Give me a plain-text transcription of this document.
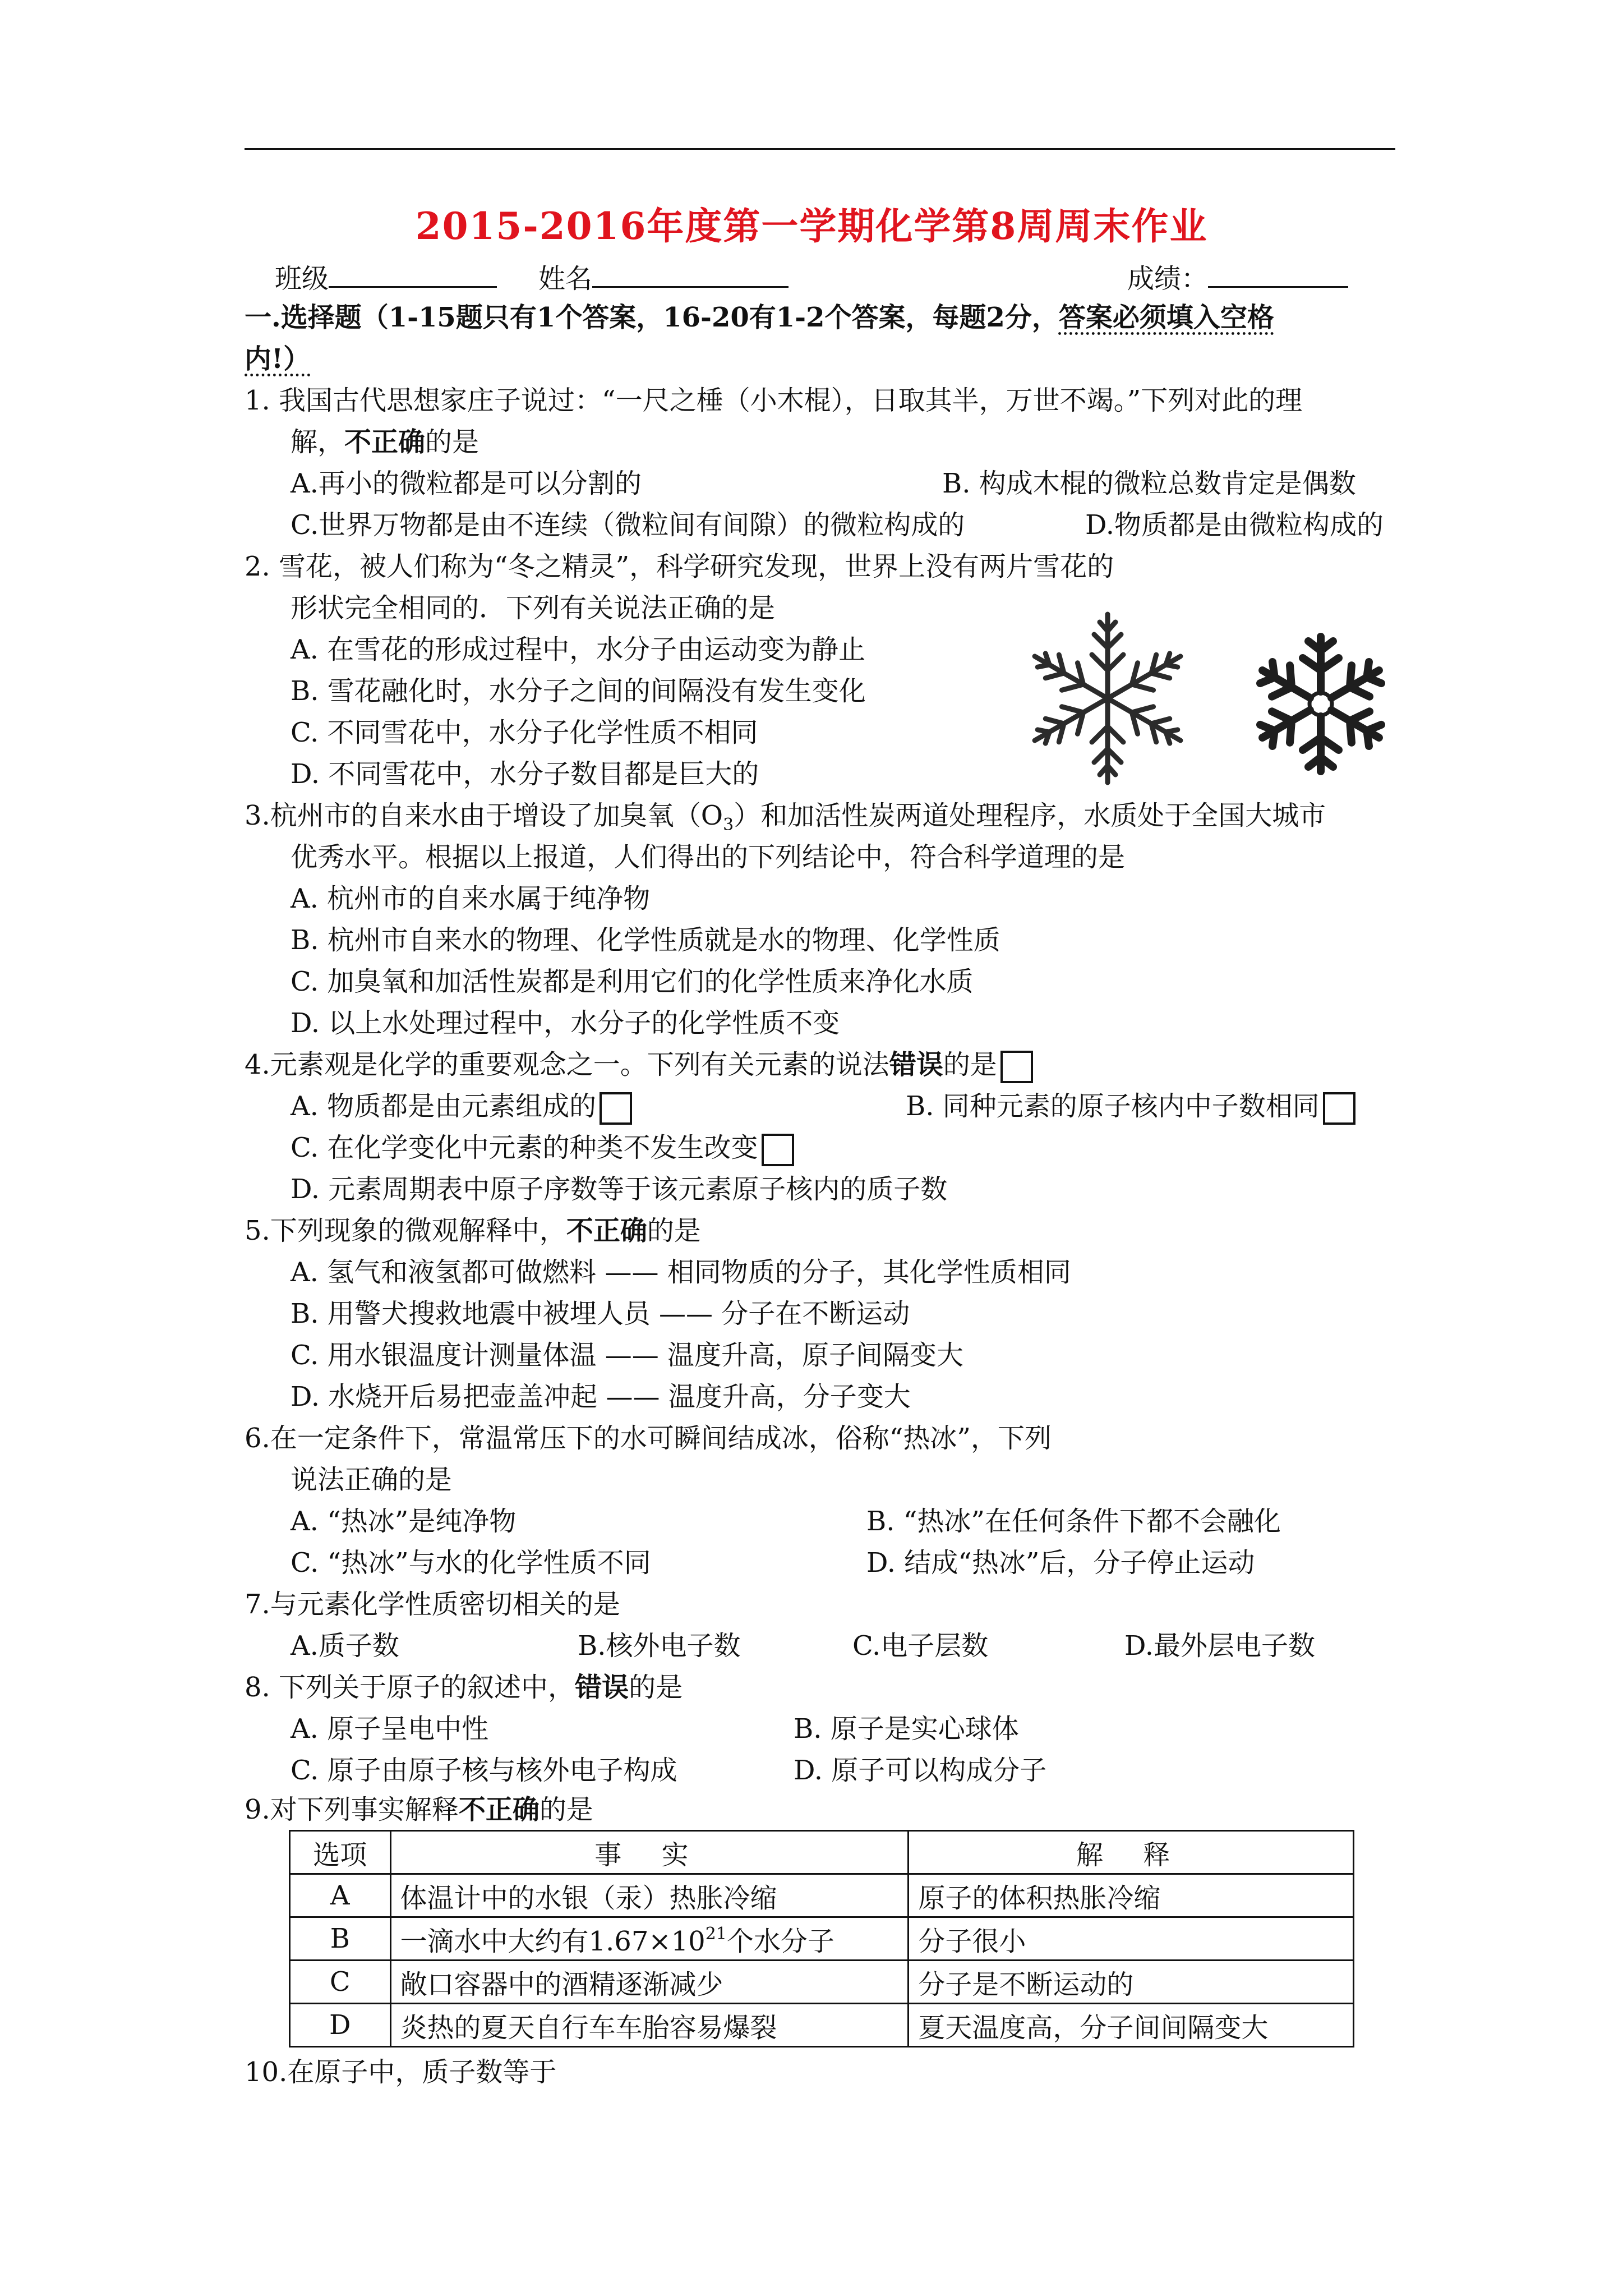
2015-2016年度第一学期化学第8周周末作业
班级	姓名	成绩：
一.选择题（1-15题只有1个答案，16-20有1-2个答案，每题2分，答案必须填入空格
内!）
1. 我国古代思想家庄子说过：“一尺之棰（小木棍），日取其半，万世不竭。”下列对此的理
解，不正确的是
A.再小的微粒都是可以分割的	B. 构成木棍的微粒总数肯定是偶数
C.世界万物都是由不连续（微粒间有间隙）的微粒构成的	D.物质都是由微粒构成的
2. 雪花，被人们称为“冬之精灵”，科学研究发现，世界上没有两片雪花的
形状完全相同的．下列有关说法正确的是
A. 在雪花的形成过程中，水分子由运动变为静止
B. 雪花融化时，水分子之间的间隔没有发生变化
C. 不同雪花中，水分子化学性质不相同
D. 不同雪花中，水分子数目都是巨大的
3.杭州市的自来水由于增设了加臭氧$(O_3)$和加活性炭两道处理程序，水质处于全国大城市
优秀水平。根据以上报道，人们得出的下列结论中，符合科学道理的是
A. 杭州市的自来水属于纯净物
B. 杭州市自来水的物理、化学性质就是水的物理、化学性质
C. 加臭氧和加活性炭都是利用它们的化学性质来净化水质
D. 以上水处理过程中，水分子的化学性质不变
4.元素观是化学的重要观念之一。下列有关元素的说法错误的是
A. 物质都是由元素组成的	B. 同种元素的原子核内中子数相同
C. 在化学变化中元素的种类不发生改变
D. 元素周期表中原子序数等于该元素原子核内的质子数
5.下列现象的微观解释中，不正确的是
A. 氢气和液氢都可做燃料 —— 相同物质的分子，其化学性质相同
B. 用警犬搜救地震中被埋人员 —— 分子在不断运动
C. 用水银温度计测量体温 —— 温度升高，原子间隔变大
D. 水烧开后易把壶盖冲起 —— 温度升高，分子变大
6.在一定条件下，常温常压下的水可瞬间结成冰，俗称“热冰”，下列
说法正确的是
A. “热冰”是纯净物	B. “热冰”在任何条件下都不会融化
C. “热冰”与水的化学性质不同	D. 结成“热冰”后，分子停止运动
7.与元素化学性质密切相关的是
A.质子数	B.核外电子数	C.电子层数	D.最外层电子数
8. 下列关于原子的叙述中，错误的是
A. 原子呈电中性	B. 原子是实心球体
C. 原子由原子核与核外电子构成	D. 原子可以构成分子
9.对下列事实解释不正确的是
选项	事 实	解 释
A	体温计中的水银（汞）热胀冷缩	原子的体积热胀冷缩
B	一滴水中大约有$1.67\times 10^{21}$个水分子	分子很小
C	敞口容器中的酒精逐渐减少	分子是不断运动的
D	炎热的夏天自行车车胎容易爆裂	夏天温度高，分子间间隔变大
10.在原子中，质子数等于
